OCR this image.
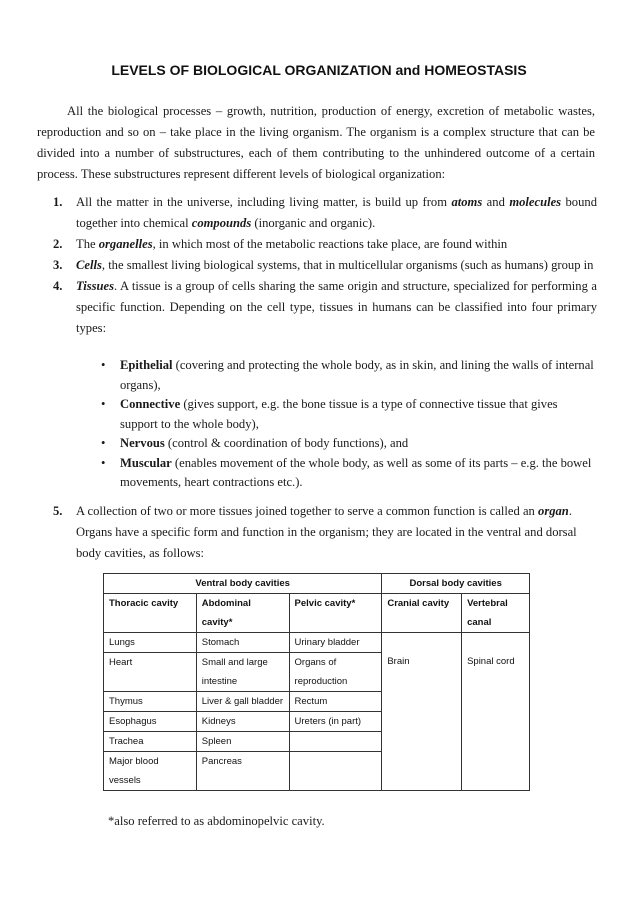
LEVELS OF BIOLOGICAL ORGANIZATION and HOMEOSTASIS

All the biological processes – growth, nutrition, production of energy, excretion of metabolic wastes, reproduction and so on – take place in the living organism. The organism is a complex structure that can be divided into a number of substructures, each of them contributing to the unhindered outcome of a certain process. These substructures represent different levels of biological organization:

1. All the matter in the universe, including living matter, is build up from atoms and molecules bound together into chemical compounds (inorganic and organic).
2. The organelles, in which most of the metabolic reactions take place, are found within
3. Cells, the smallest living biological systems, that in multicellular organisms (such as humans) group in
4. Tissues. A tissue is a group of cells sharing the same origin and structure, specialized for performing a specific function. Depending on the cell type, tissues in humans can be classified into four primary types:
• Epithelial (covering and protecting the whole body, as in skin, and lining the walls of internal organs),
• Connective (gives support, e.g. the bone tissue is a type of connective tissue that gives support to the whole body),
• Nervous (control & coordination of body functions), and
• Muscular (enables movement of the whole body, as well as some of its parts – e.g. the bowel movements, heart contractions etc.).
5. A collection of two or more tissues joined together to serve a common function is called an organ. Organs have a specific form and function in the organism; they are located in the ventral and dorsal body cavities, as follows:
Ventral body cavities			Dorsal body cavities	
Thoracic cavity	Abdominal cavity*	Pelvic cavity*	Cranial cavity	Vertebral canal
Lungs	Stomach	Urinary bladder	Brain	Spinal cord
Heart	Small and large intestine	Organs of reproduction		
Thymus	Liver & gall bladder	Rectum		
Esophagus	Kidneys	Ureters (in part)		
Trachea	Spleen			
Major blood vessels	Pancreas			

*also referred to as abdominopelvic cavity.
